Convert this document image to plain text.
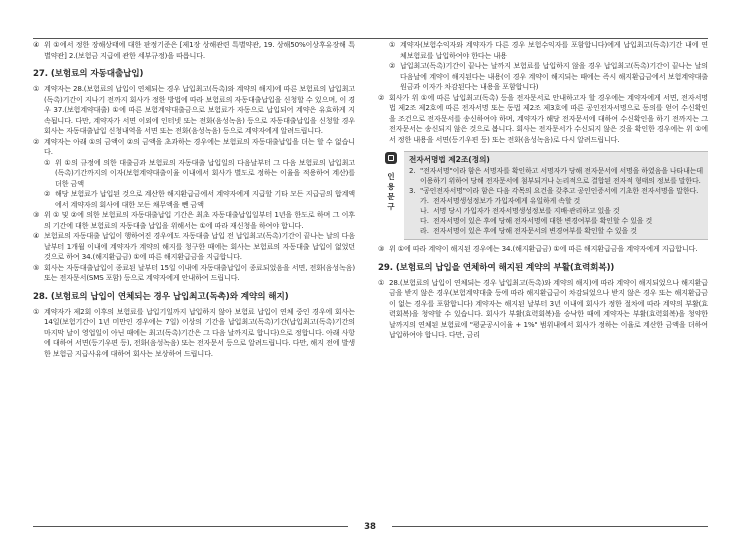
④ 위 ①에서 정한 장해상태에 대한 판정기준은 [제1장 상해관련 특별약관, 19. 상해50%이상후유장해 특별약관] 2.(보험금 지급에 관한 세부규정)을 따릅니다.

27. (보험료의 자동대출납입)

① 계약자는 28.(보험료의 납입이 연체되는 경우 납입최고(독촉)와 계약의 해지)에 따른 보험료의 납입최고(독촉)기간이 지나기 전까지 회사가 정한 방법에 따라 보험료의 자동대출납입을 신청할 수 있으며, 이 경우 37.(보험계약대출) ①에 따른 보험계약대출금으로 보험료가 자동으로 납입되어 계약은 유효하게 지속됩니다. 다만, 계약자가 서면 이외에 인터넷 또는 전화(음성녹음) 등으로 자동대출납입을 신청할 경우 회사는 자동대출납입 신청내역을 서면 또는 전화(음성녹음) 등으로 계약자에게 알려드립니다.
② 계약자는 아래 ①의 금액이 ②의 금액을 초과하는 경우에는 보험료의 자동대출납입을 더는 할 수 없습니다.
① 위 ①의 규정에 의한 대출금과 보험료의 자동대출 납입일의 다음날부터 그 다음 보험료의 납입최고(독촉)기간까지의 이자(보험계약대출이율 이내에서 회사가 별도로 정하는 이율을 적용하여 계산)를 더한 금액
② 해당 보험료가 납입된 것으로 계산한 해지환급금에서 계약자에게 지급할 기타 모든 지급금의 합계액에서 계약자의 회사에 대한 모든 채무액을 뺀 금액
③ 위 ① 및 ②에 의한 보험료의 자동대출납입 기간은 최초 자동대출납입일부터 1년을 한도로 하며 그 이후의 기간에 대한 보험료의 자동대출 납입을 위해서는 ①에 따라 재신청을 하여야 합니다.
④ 보험료의 자동대출 납입이 행하여진 경우에도 자동대출 납입 전 납입최고(독촉)기간이 끝나는 날의 다음날부터 1개월 이내에 계약자가 계약의 해지를 청구한 때에는 회사는 보험료의 자동대출 납입이 없었던 것으로 하여 34.(해지환급금) ①에 따른 해지환급금을 지급합니다.
⑤ 회사는 자동대출납입이 종료된 날부터 15일 이내에 자동대출납입이 종료되었음을 서면, 전화(음성녹음) 또는 전자문서(SMS 포함) 등으로 계약자에게 안내하여 드립니다.

28. (보험료의 납입이 연체되는 경우 납입최고(독촉)와 계약의 해지)

① 계약자가 제2회 이후의 보험료를 납입기일까지 납입하지 않아 보험료 납입이 연체 중인 경우에 회사는 14일(보험기간이 1년 미만인 경우에는 7일) 이상의 기간을 납입최고(독촉)기간(납입최고(독촉)기간의 마지막 날이 영업일이 아닌 때에는 최고(독촉)기간은 그 다음 날까지로 합니다)으로 정합니다. 아래 사항에 대하여 서면(등기우편 등), 전화(음성녹음) 또는 전자문서 등으로 알려드립니다. 다만, 해지 전에 발생한 보험금 지급사유에 대하여 회사는 보상하여 드립니다.
① 계약자(보험수익자와 계약자가 다른 경우 보험수익자를 포함합니다)에게 납입최고(독촉)기간 내에 연체보험료를 납입하여야 한다는 내용
② 납입최고(독촉)기간이 끝나는 날까지 보험료를 납입하지 않을 경우 납입최고(독촉)기간이 끝나는 날의 다음날에 계약이 해지된다는 내용(이 경우 계약이 해지되는 때에는 즉시 해지환급금에서 보험계약대출원금과 이자가 차감된다는 내용을 포함합니다)
② 회사가 위 ①에 따른 납입최고(독촉) 등을 전자문서로 안내하고자 할 경우에는 계약자에게 서면, 전자서명법 제2조 제2호에 따른 전자서명 또는 동법 제2조 제3호에 따른 공인전자서명으로 동의를 얻어 수신확인을 조건으로 전자문서를 송신하여야 하며, 계약자가 해당 전자문서에 대하여 수신확인을 하기 전까지는 그 전자문서는 송신되지 않은 것으로 봅니다. 회사는 전자문서가 수신되지 않은 것을 확인한 경우에는 위 ①에서 정한 내용을 서면(등기우편 등) 또는 전화(음성녹음)로 다시 알려드립니다.
인용문구

전자서명법 제2조(정의)

2. "전자서명"이라 함은 서명자를 확인하고 서명자가 당해 전자문서에 서명을 하였음을 나타내는데 이용하기 위하여 당해 전자문서에 첨부되거나 논리적으로 결합된 전자적 형태의 정보를 말한다.
3. "공인전자서명"이라 함은 다음 각목의 요건을 갖추고 공인인증서에 기초한 전자서명을 말한다.
가. 전자서명생성정보가 가입자에게 유일하게 속할 것
나. 서명 당시 가입자가 전자서명생성정보를 지배·관리하고 있을 것
다. 전자서명이 있은 후에 당해 전자서명에 대한 변경여부를 확인할 수 있을 것
라. 전자서명이 있은 후에 당해 전자문서의 변경여부를 확인할 수 있을 것
③ 위 ①에 따라 계약이 해지된 경우에는 34.(해지환급금) ①에 따른 해지환급금을 계약자에게 지급합니다.

29. (보험료의 납입을 연체하여 해지된 계약의 부활(효력회복))

① 28.(보험료의 납입이 연체되는 경우 납입최고(독촉)와 계약의 해지)에 따라 계약이 해지되었으나 해지환급금을 받지 않은 경우(보험계약대출 등에 따라 해지환급금이 차감되었으나 받지 않은 경우 또는 해지환급금이 없는 경우를 포함합니다) 계약자는 해지된 날부터 3년 이내에 회사가 정한 절차에 따라 계약의 부활(효력회복)을 청약할 수 있습니다. 회사가 부활(효력회복)을 승낙한 때에 계약자는 부활(효력회복)을 청약한 날까지의 연체된 보험료에 "평균공시이율 + 1%" 범위내에서 회사가 정하는 이율로 계산한 금액을 더하여 납입하여야 합니다. 다만, 금리
38
